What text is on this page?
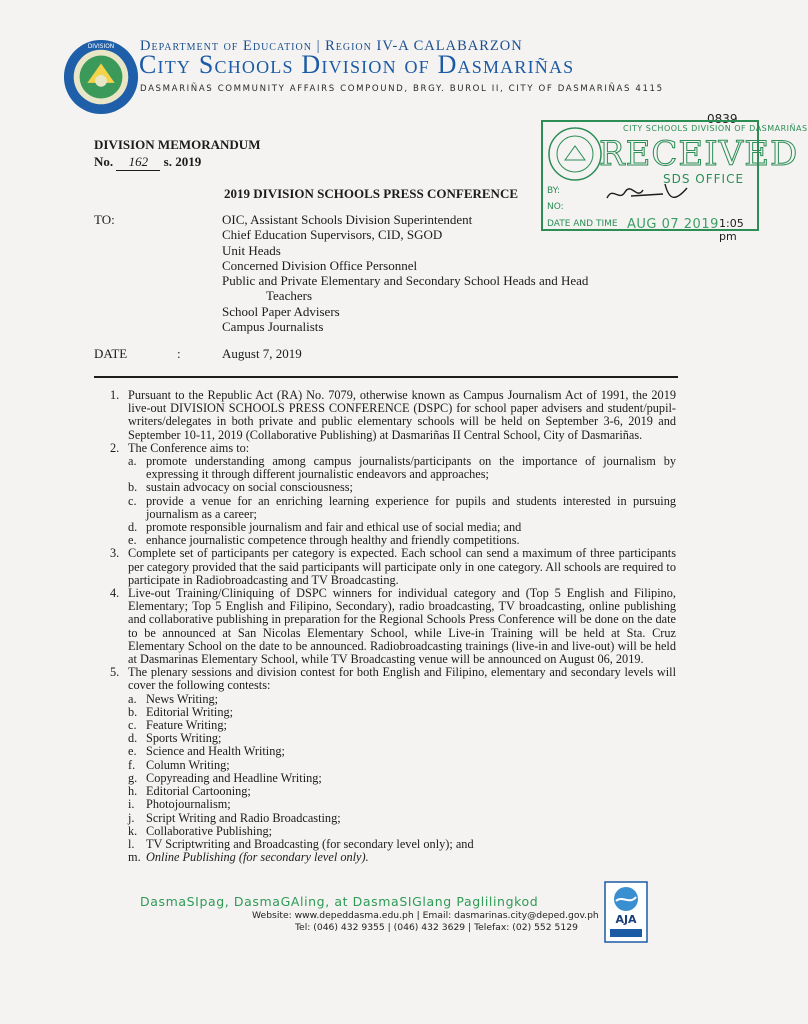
DIVISION Department of Education | Region IV-A CALABARZON
City Schools Division of Dasmariñas
DASMARIÑAS COMMUNITY AFFAIRS COMPOUND, BRGY. BUROL II, CITY OF DASMARIÑAS 4115
0839
CITY SCHOOLS DIVISION OF DASMARIÑAS
RECEIVED
SDS OFFICE
BY:
NO:
DATE AND TIME AUG 07 2019 1:05 pm
DIVISION MEMORANDUM
No. 162 s. 2019
2019 DIVISION SCHOOLS PRESS CONFERENCE
TO:	OIC, Assistant Schools Division Superintendent
Chief Education Supervisors, CID, SGOD
Unit Heads
Concerned Division Office Personnel
Public and Private Elementary and Secondary School Heads and Head
Teachers
School Paper Advisers
Campus Journalists
DATE	:	August 7, 2019
1. Pursuant to the Republic Act (RA) No. 7079, otherwise known as Campus Journalism Act of 1991, the 2019 live-out DIVISION SCHOOLS PRESS CONFERENCE (DSPC) for school paper advisers and student/pupil-writers/delegates in both private and public elementary schools will be held on September 3-6, 2019 and September 10-11, 2019 (Collaborative Publishing) at Dasmariñas II Central School, City of Dasmariñas.
2. The Conference aims to:
a. promote understanding among campus journalists/participants on the importance of journalism by expressing it through different journalistic endeavors and approaches;
b. sustain advocacy on social consciousness;
c. provide a venue for an enriching learning experience for pupils and students interested in pursuing journalism as a career;
d. promote responsible journalism and fair and ethical use of social media; and
e. enhance journalistic competence through healthy and friendly competitions.
3. Complete set of participants per category is expected. Each school can send a maximum of three participants per category provided that the said participants will participate only in one category. All schools are required to participate in Radiobroadcasting and TV Broadcasting.
4. Live-out Training/Cliniquing of DSPC winners for individual category and (Top 5 English and Filipino, Elementary; Top 5 English and Filipino, Secondary), radio broadcasting, TV broadcasting, online publishing and collaborative publishing in preparation for the Regional Schools Press Conference will be done on the date to be announced at San Nicolas Elementary School, while Live-in Training will be held at Sta. Cruz Elementary School on the date to be announced. Radiobroadcasting trainings (live-in and live-out) will be held at Dasmarinas Elementary School, while TV Broadcasting venue will be announced on August 06, 2019.
5. The plenary sessions and division contest for both English and Filipino, elementary and secondary levels will cover the following contests:
a. News Writing;
b. Editorial Writing;
c. Feature Writing;
d. Sports Writing;
e. Science and Health Writing;
f. Column Writing;
g. Copyreading and Headline Writing;
h. Editorial Cartooning;
i. Photojournalism;
j. Script Writing and Radio Broadcasting;
k. Collaborative Publishing;
l. TV Scriptwriting and Broadcasting (for secondary level only); and
m. Online Publishing (for secondary level only).
DasmaSIpag, DasmaGAling, at DasmaSIGlang Paglilingkod
Website: www.depeddasma.edu.ph | Email: dasmarinas.city@deped.gov.ph
Tel: (046) 432 9355 | (046) 432 3629 | Telefax: (02) 552 5129
AJA
